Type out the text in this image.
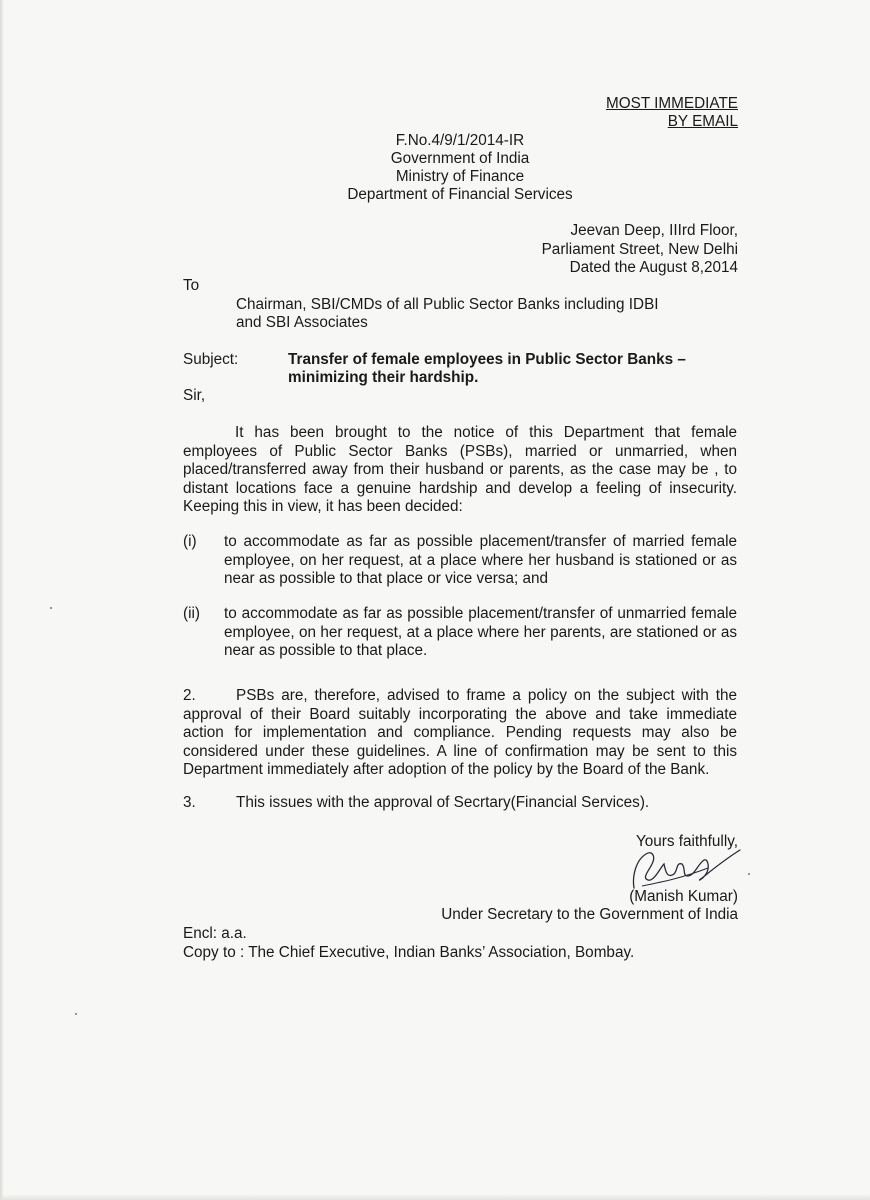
MOST IMMEDIATE
BY EMAIL
F.No.4/9/1/2014-IR
Government of India
Ministry of Finance
Department of Financial Services
Jeevan Deep, IIIrd Floor,
Parliament Street, New Delhi
Dated the August 8,2014
To
Chairman, SBI/CMDs of all Public Sector Banks including IDBI
and SBI Associates
Subject:	Transfer of female employees in Public Sector Banks –
minimizing their hardship.
Sir,
It has been brought to the notice of this Department that female employees of Public Sector Banks (PSBs), married or unmarried, when placed/transferred away from their husband or parents, as the case may be , to distant locations face a genuine hardship and develop a feeling of insecurity. Keeping this in view, it has been decided:
(i) to accommodate as far as possible placement/transfer of married female employee, on her request, at a place where her husband is stationed or as near as possible to that place or vice versa; and
(ii) to accommodate as far as possible placement/transfer of unmarried female employee, on her request, at a place where her parents, are stationed or as near as possible to that place.
2.	PSBs are, therefore, advised to frame a policy on the subject with the approval of their Board suitably incorporating the above and take immediate action for implementation and compliance. Pending requests may also be considered under these guidelines. A line of confirmation may be sent to this Department immediately after adoption of the policy by the Board of the Bank.
3.	This issues with the approval of Secrtary(Financial Services).
Yours faithfully,
(Manish Kumar)
Under Secretary to the Government of India
Encl: a.a.
Copy to : The Chief Executive, Indian Banks’ Association, Bombay.
